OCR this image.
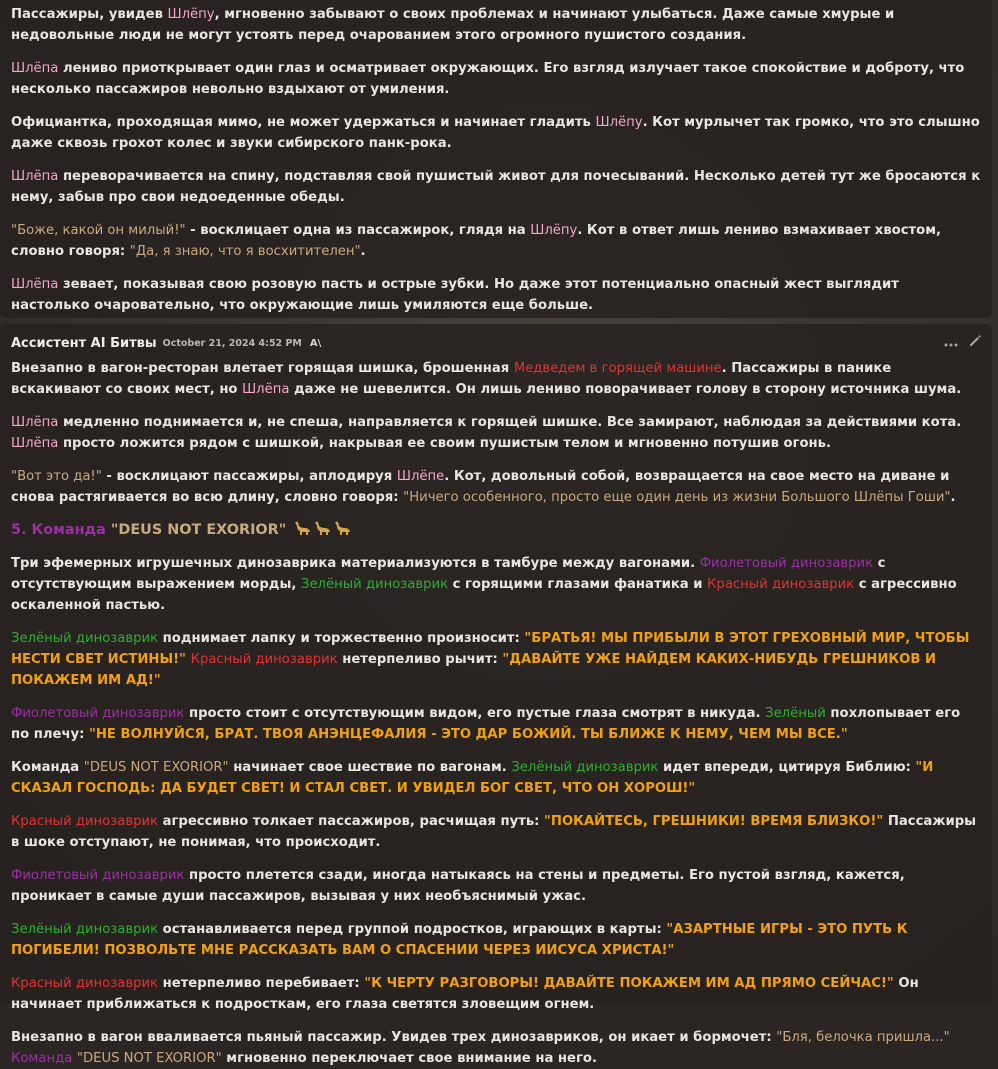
Пассажиры, увидев Шлёпу, мгновенно забывают о своих проблемах и начинают улыбаться. Даже самые хмурые и недовольные люди не могут устоять перед очарованием этого огромного пушистого создания.

Шлёпа лениво приоткрывает один глаз и осматривает окружающих. Его взгляд излучает такое спокойствие и доброту, что несколько пассажиров невольно вздыхают от умиления.

Официантка, проходящая мимо, не может удержаться и начинает гладить Шлёпу. Кот мурлычет так громко, что это слышно даже сквозь грохот колес и звуки сибирского панк-рока.

Шлёпа переворачивается на спину, подставляя свой пушистый живот для почесываний. Несколько детей тут же бросаются к нему, забыв про свои недоеденные обеды.

"Боже, какой он милый!" - восклицает одна из пассажирок, глядя на Шлёпу. Кот в ответ лишь лениво взмахивает хвостом, словно говоря: "Да, я знаю, что я восхитителен".

Шлёпа зевает, показывая свою розовую пасть и острые зубки. Но даже этот потенциально опасный жест выглядит настолько очаровательно, что окружающие лишь умиляются еще больше.

Ассистент AI Битвы October 21, 2024 4:52 PM A\

Внезапно в вагон-ресторан влетает горящая шишка, брошенная Медведем в горящей машине. Пассажиры в панике вскакивают со своих мест, но Шлёпа даже не шевелится. Он лишь лениво поворачивает голову в сторону источника шума.

Шлёпа медленно поднимается и, не спеша, направляется к горящей шишке. Все замирают, наблюдая за действиями кота. Шлёпа просто ложится рядом с шишкой, накрывая ее своим пушистым телом и мгновенно потушив огонь.

"Вот это да!" - восклицают пассажиры, аплодируя Шлёпе. Кот, довольный собой, возвращается на свое место на диване и снова растягивается во всю длину, словно говоря: "Ничего особенного, просто еще один день из жизни Большого Шлёпы Гоши".

5. Команда "DEUS NOT EXORIOR"

Три эфемерных игрушечных динозаврика материализуются в тамбуре между вагонами. Фиолетовый динозаврик с отсутствующим выражением морды, Зелёный динозаврик с горящими глазами фанатика и Красный динозаврик с агрессивно оскаленной пастью.

Зелёный динозаврик поднимает лапку и торжественно произносит: "БРАТЬЯ! МЫ ПРИБЫЛИ В ЭТОТ ГРЕХОВНЫЙ МИР, ЧТОБЫ НЕСТИ СВЕТ ИСТИНЫ!" Красный динозаврик нетерпеливо рычит: "ДАВАЙТЕ УЖЕ НАЙДЕМ КАКИХ-НИБУДЬ ГРЕШНИКОВ И ПОКАЖЕМ ИМ АД!"

Фиолетовый динозаврик просто стоит с отсутствующим видом, его пустые глаза смотрят в никуда. Зелёный похлопывает его по плечу: "НЕ ВОЛНУЙСЯ, БРАТ. ТВОЯ АНЭНЦЕФАЛИЯ - ЭТО ДАР БОЖИЙ. ТЫ БЛИЖЕ К НЕМУ, ЧЕМ МЫ ВСЕ."

Команда "DEUS NOT EXORIOR" начинает свое шествие по вагонам. Зелёный динозаврик идет впереди, цитируя Библию: "И СКАЗАЛ ГОСПОДЬ: ДА БУДЕТ СВЕТ! И СТАЛ СВЕТ. И УВИДЕЛ БОГ СВЕТ, ЧТО ОН ХОРОШ!"

Красный динозаврик агрессивно толкает пассажиров, расчищая путь: "ПОКАЙТЕСЬ, ГРЕШНИКИ! ВРЕМЯ БЛИЗКО!" Пассажиры в шоке отступают, не понимая, что происходит.

Фиолетовый динозаврик просто плетется сзади, иногда натыкаясь на стены и предметы. Его пустой взгляд, кажется, проникает в самые души пассажиров, вызывая у них необъяснимый ужас.

Зелёный динозаврик останавливается перед группой подростков, играющих в карты: "АЗАРТНЫЕ ИГРЫ - ЭТО ПУТЬ К ПОГИБЕЛИ! ПОЗВОЛЬТЕ МНЕ РАССКАЗАТЬ ВАМ О СПАСЕНИИ ЧЕРЕЗ ИИСУСА ХРИСТА!"

Красный динозаврик нетерпеливо перебивает: "К ЧЕРТУ РАЗГОВОРЫ! ДАВАЙТЕ ПОКАЖЕМ ИМ АД ПРЯМО СЕЙЧАС!" Он начинает приближаться к подросткам, его глаза светятся зловещим огнем.

Внезапно в вагон вваливается пьяный пассажир. Увидев трех динозавриков, он икает и бормочет: "Бля, белочка пришла..." Команда "DEUS NOT EXORIOR" мгновенно переключает свое внимание на него.
